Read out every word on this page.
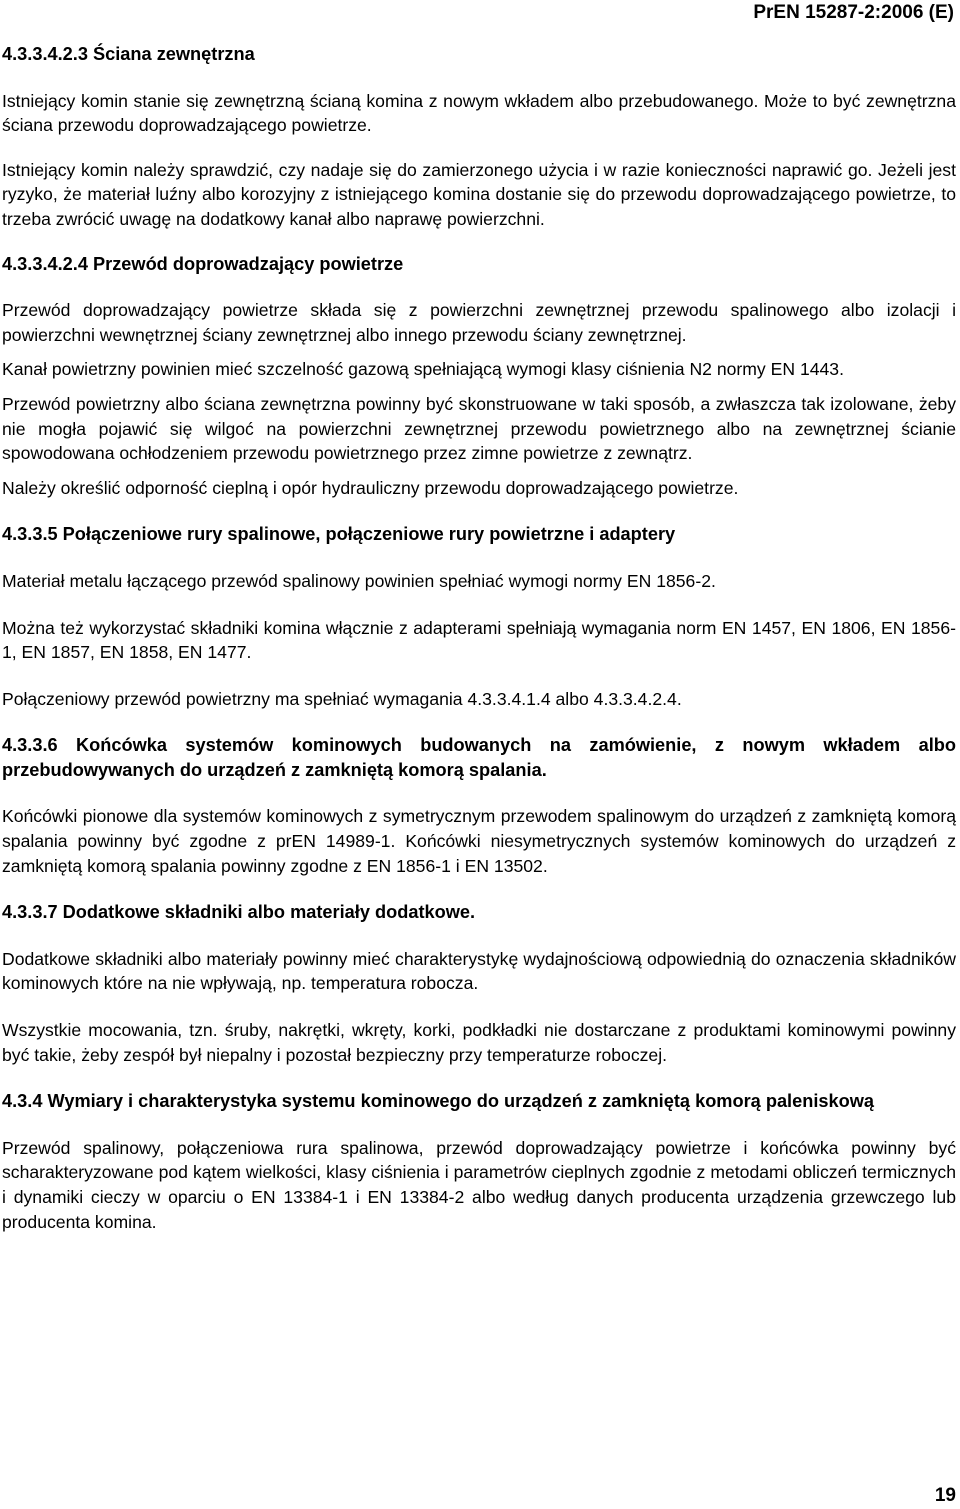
PrEN 15287-2:2006 (E)

4.3.3.4.2.3 Ściana zewnętrzna

Istniejący komin stanie się zewnętrzną ścianą komina z nowym wkładem albo przebudowanego. Może to być zewnętrzna ściana przewodu doprowadzającego powietrze.

Istniejący komin należy sprawdzić, czy nadaje się do zamierzonego użycia i w razie konieczności naprawić go. Jeżeli jest ryzyko, że materiał luźny albo korozyjny z istniejącego komina dostanie się do przewodu doprowadzającego powietrze, to trzeba zwrócić uwagę na dodatkowy kanał albo naprawę powierzchni.

4.3.3.4.2.4 Przewód doprowadzający powietrze

Przewód doprowadzający powietrze składa się z powierzchni zewnętrznej przewodu spalinowego albo izolacji i powierzchni wewnętrznej ściany zewnętrznej albo innego przewodu ściany zewnętrznej.

Kanał powietrzny powinien mieć szczelność gazową spełniającą wymogi klasy ciśnienia N2 normy EN 1443.

Przewód powietrzny albo ściana zewnętrzna powinny być skonstruowane w taki sposób, a zwłaszcza tak izolowane, żeby nie mogła pojawić się wilgoć na powierzchni zewnętrznej przewodu powietrznego albo na zewnętrznej ścianie spowodowana ochłodzeniem przewodu powietrznego przez zimne powietrze z zewnątrz.

Należy określić odporność cieplną i opór hydrauliczny przewodu doprowadzającego powietrze.

4.3.3.5 Połączeniowe rury spalinowe, połączeniowe rury powietrzne i adaptery

Materiał metalu łączącego przewód spalinowy powinien spełniać wymogi normy EN 1856-2.

Można też wykorzystać składniki komina włącznie z adapterami spełniają wymagania norm EN 1457, EN 1806, EN 1856-1, EN 1857, EN 1858, EN 1477.

Połączeniowy przewód powietrzny ma spełniać wymagania 4.3.3.4.1.4 albo 4.3.3.4.2.4.

4.3.3.6 Końcówka systemów kominowych budowanych na zamówienie, z nowym wkładem albo przebudowywanych do urządzeń z zamkniętą komorą spalania.

Końcówki pionowe dla systemów kominowych z symetrycznym przewodem spalinowym do urządzeń z zamkniętą komorą spalania powinny być zgodne z prEN 14989-1. Końcówki niesymetrycznych systemów kominowych do urządzeń z zamkniętą komorą spalania powinny zgodne z EN 1856-1 i EN 13502.

4.3.3.7 Dodatkowe składniki albo materiały dodatkowe.

Dodatkowe składniki albo materiały powinny mieć charakterystykę wydajnościową odpowiednią do oznaczenia składników kominowych które na nie wpływają, np. temperatura robocza.

Wszystkie mocowania, tzn. śruby, nakrętki, wkręty, korki, podkładki nie dostarczane z produktami kominowymi powinny być takie, żeby zespół był niepalny i pozostał bezpieczny przy temperaturze roboczej.

4.3.4 Wymiary i charakterystyka systemu kominowego do urządzeń z zamkniętą komorą paleniskową

Przewód spalinowy, połączeniowa rura spalinowa, przewód doprowadzający powietrze i końcówka powinny być scharakteryzowane pod kątem wielkości, klasy ciśnienia i parametrów cieplnych zgodnie z metodami obliczeń termicznych i dynamiki cieczy w oparciu o EN 13384-1 i EN 13384-2 albo według danych producenta urządzenia grzewczego lub producenta komina.

19
